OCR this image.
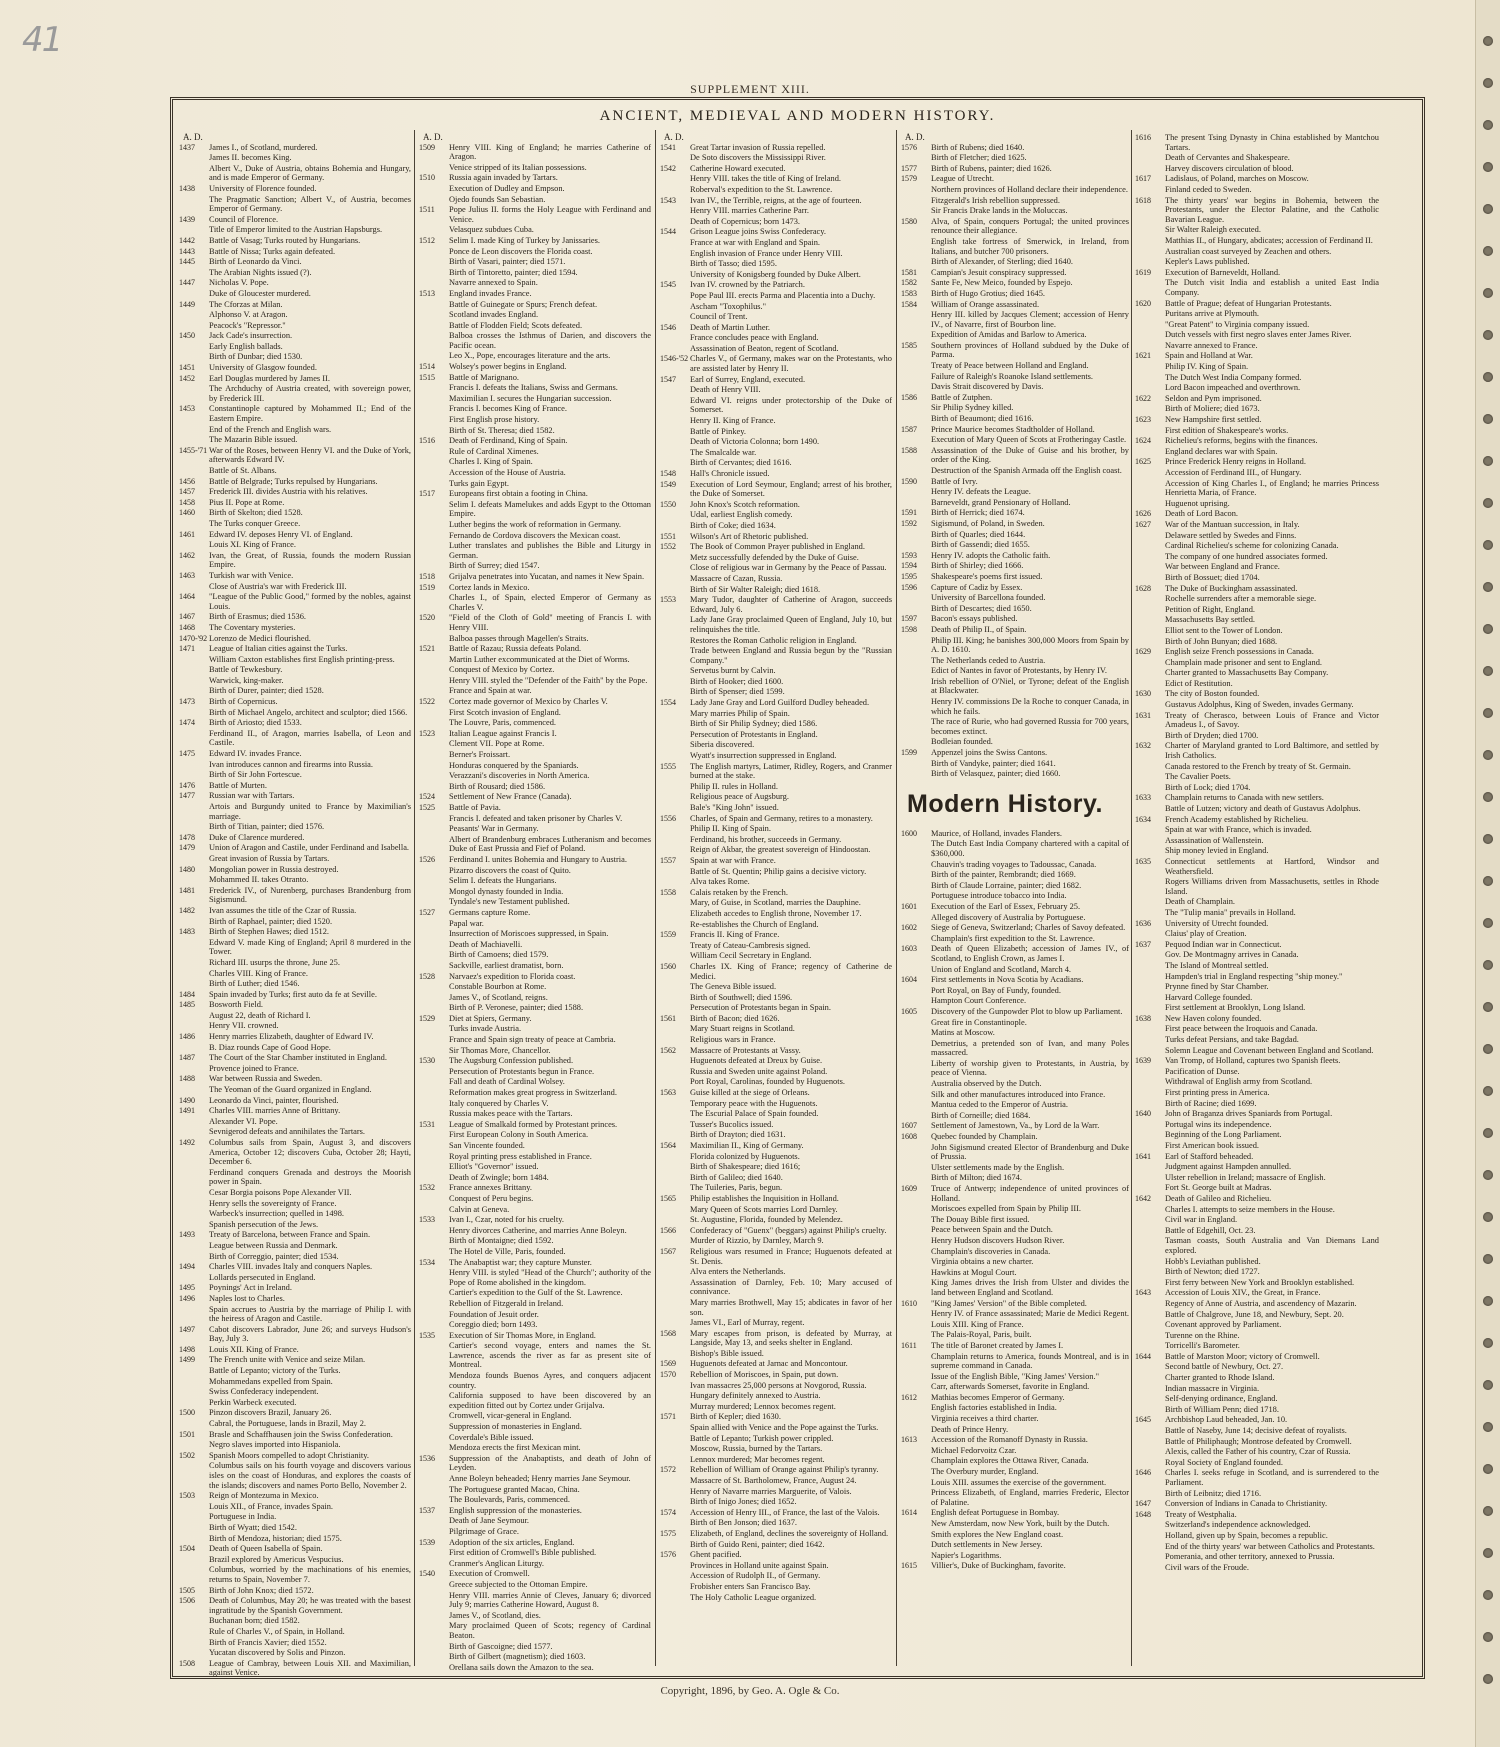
41
SUPPLEMENT XIII.
ANCIENT, MEDIEVAL AND MODERN HISTORY.
A. D.
1437	James I., of Scotland, murdered.
James II. becomes King.
Albert V., Duke of Austria, obtains Bohemia and Hungary, and is made Emperor of Germany.
1438	University of Florence founded.
The Pragmatic Sanction; Albert V., of Austria, becomes Emperor of Germany.
1439	Council of Florence.
Title of Emperor limited to the Austrian Hapsburgs.
1442	Battle of Vasag; Turks routed by Hungarians.
1443	Battle of Nissa; Turks again defeated.
1445	Birth of Leonardo da Vinci.
The Arabian Nights issued (?).
1447	Nicholas V. Pope.
Duke of Gloucester murdered.
1449	The Cforzas at Milan.
Alphonso V. at Aragon.
Peacock's "Repressor."
1450	Jack Cade's insurrection.
Early English ballads.
Birth of Dunbar; died 1530.
1451	University of Glasgow founded.
1452	Earl Douglas murdered by James II.
The Archduchy of Austria created, with sovereign power, by Frederick III.
1453	Constantinople captured by Mohammed II.; End of the Eastern Empire.
End of the French and English wars.
The Mazarin Bible issued.
1455-'71 War of the Roses, between Henry VI. and the Duke of York, afterwards Edward IV.
Battle of St. Albans.
1456	Battle of Belgrade; Turks repulsed by Hungarians.
1457	Frederick III. divides Austria with his relatives.
1458	Pius II. Pope at Rome.
1460	Birth of Skelton; died 1528.
The Turks conquer Greece.
1461	Edward IV. deposes Henry VI. of England.
Louis XI. King of France.
1462	Ivan, the Great, of Russia, founds the modern Russian Empire.
1463	Turkish war with Venice.
Close of Austria's war with Frederick III.
1464	"League of the Public Good," formed by the nobles, against Louis.
1467	Birth of Erasmus; died 1536.
1468	The Coventary mysteries.
1470-'92 Lorenzo de Medici flourished.
1471	League of Italian cities against the Turks.
William Caxton establishes first English printing-press.
Battle of Tewkesbury.
Warwick, king-maker.
Birth of Durer, painter; died 1528.
1473	Birth of Copernicus.
Birth of Michael Angelo, architect and sculptor; died 1566.
1474	Birth of Ariosto; died 1533.
Ferdinand II., of Aragon, marries Isabella, of Leon and Castile.
1475	Edward IV. invades France.
Ivan introduces cannon and firearms into Russia.
Birth of Sir John Fortescue.
1476	Battle of Murten.
1477	Russian war with Tartars.
Artois and Burgundy united to France by Maximilian's marriage.
Birth of Titian, painter; died 1576.
1478	Duke of Clarence murdered.
1479	Union of Aragon and Castile, under Ferdinand and Isabella.
Great invasion of Russia by Tartars.
1480	Mongolian power in Russia destroyed.
Mohammed II. takes Otranto.
1481	Frederick IV., of Nurenberg, purchases Brandenburg from Sigismund.
1482	Ivan assumes the title of the Czar of Russia.
Birth of Raphael, painter; died 1520.
1483	Birth of Stephen Hawes; died 1512.
Edward V. made King of England; April 8 murdered in the Tower.
Richard III. usurps the throne, June 25.
Charles VIII. King of France.
Birth of Luther; died 1546.
1484	Spain invaded by Turks; first auto da fe at Seville.
1485	Bosworth Field.
August 22, death of Richard I.
Henry VII. crowned.
1486	Henry marries Elizabeth, daughter of Edward IV.
B. Diaz rounds Cape of Good Hope.
1487	The Court of the Star Chamber instituted in England.
Provence joined to France.
1488	War between Russia and Sweden.
The Yeoman of the Guard organized in England.
1490	Leonardo da Vinci, painter, flourished.
1491	Charles VIII. marries Anne of Brittany.
Alexander VI. Pope.
Sevnigerod defeats and annihilates the Tartars.
1492	Columbus sails from Spain, August 3, and discovers America, October 12; discovers Cuba, October 28; Hayti, December 6.
Ferdinand conquers Grenada and destroys the Moorish power in Spain.
Cesar Borgia poisons Pope Alexander VII.
Henry sells the sovereignty of France.
Warbeck's insurrection; quelled in 1498.
Spanish persecution of the Jews.
1493	Treaty of Barcelona, between France and Spain.
League between Russia and Denmark.
Birth of Correggio, painter; died 1534.
1494	Charles VIII. invades Italy and conquers Naples.
Lollards persecuted in England.
1495	Poynings' Act in Ireland.
1496	Naples lost to Charles.
Spain accrues to Austria by the marriage of Philip I. with the heiress of Aragon and Castile.
1497	Cabot discovers Labrador, June 26; and surveys Hudson's Bay, July 3.
1498	Louis XII. King of France.
1499	The French unite with Venice and seize Milan.
Battle of Lepanto; victory of the Turks.
Mohammedans expelled from Spain.
Swiss Confederacy independent.
Perkin Warbeck executed.
1500	Pinzon discovers Brazil, January 26.
Cabral, the Portuguese, lands in Brazil, May 2.
1501	Brasle and Schaffhausen join the Swiss Confederation.
Negro slaves imported into Hispaniola.
1502	Spanish Moors compelled to adopt Christianity.
Columbus sails on his fourth voyage and discovers various isles on the coast of Honduras, and explores the coasts of the islands; discovers and names Porto Bello, November 2.
1503	Reign of Montezuma in Mexico.
Louis XII., of France, invades Spain.
Portuguese in India.
Birth of Wyatt; died 1542.
Birth of Mendoza, historian; died 1575.
1504	Death of Queen Isabella of Spain.
Brazil explored by Americus Vespucius.
Columbus, worried by the machinations of his enemies, returns to Spain, November 7.
1505	Birth of John Knox; died 1572.
1506	Death of Columbus, May 20; he was treated with the basest ingratitude by the Spanish Government.
Buchanan born; died 1582.
Rule of Charles V., of Spain, in Holland.
Birth of Francis Xavier; died 1552.
Yucatan discovered by Solis and Pinzon.
1508	League of Cambray, between Louis XII. and Maximilian, against Venice.
A. D.
1509	Henry VIII. King of England; he marries Catherine of Aragon.
Venice stripped of its Italian possessions.
1510	Russia again invaded by Tartars.
Execution of Dudley and Empson.
Ojedo founds San Sebastian.
1511	Pope Julius II. forms the Holy League with Ferdinand and Venice.
Velasquez subdues Cuba.
1512	Selim I. made King of Turkey by Janissaries.
Ponce de Leon discovers the Florida coast.
Birth of Vasari, painter; died 1571.
Birth of Tintoretto, painter; died 1594.
Navarre annexed to Spain.
1513	England invades France.
Battle of Guinegate or Spurs; French defeat.
Scotland invades England.
Battle of Flodden Field; Scots defeated.
Balboa crosses the Isthmus of Darien, and discovers the Pacific ocean.
Leo X., Pope, encourages literature and the arts.
1514	Wolsey's power begins in England.
1515	Battle of Marignano.
Francis I. defeats the Italians, Swiss and Germans.
Maximilian I. secures the Hungarian succession.
Francis I. becomes King of France.
First English prose history.
Birth of St. Theresa; died 1582.
1516	Death of Ferdinand, King of Spain.
Rule of Cardinal Ximenes.
Charles I. King of Spain.
Accession of the House of Austria.
Turks gain Egypt.
1517	Europeans first obtain a footing in China.
Selim I. defeats Mamelukes and adds Egypt to the Ottoman Empire.
Luther begins the work of reformation in Germany.
Fernando de Cordova discovers the Mexican coast.
Luther translates and publishes the Bible and Liturgy in German.
Birth of Surrey; died 1547.
1518	Grijalva penetrates into Yucatan, and names it New Spain.
1519	Cortez lands in Mexico.
Charles I., of Spain, elected Emperor of Germany as Charles V.
1520	"Field of the Cloth of Gold" meeting of Francis I. with Henry VIII.
Balboa passes through Magellen's Straits.
1521	Battle of Razau; Russia defeats Poland.
Martin Luther excommunicated at the Diet of Worms.
Conquest of Mexico by Cortez.
Henry VIII. styled the "Defender of the Faith" by the Pope.
France and Spain at war.
1522	Cortez made governor of Mexico by Charles V.
First Scotch invasion of England.
The Louvre, Paris, commenced.
1523	Italian League against Francis I.
Clement VII. Pope at Rome.
Berner's Froissart.
Honduras conquered by the Spaniards.
Verazzani's discoveries in North America.
Birth of Rousard; died 1586.
1524	Settlement of New France (Canada).
1525	Battle of Pavia.
Francis I. defeated and taken prisoner by Charles V.
Peasants' War in Germany.
Albert of Brandenburg embraces Lutheranism and becomes Duke of East Prussia and Fief of Poland.
1526	Ferdinand I. unites Bohemia and Hungary to Austria.
Pizarro discovers the coast of Quito.
Selim I. defeats the Hungarians.
Mongol dynasty founded in India.
Tyndale's new Testament published.
1527	Germans capture Rome.
Papal war.
Insurrection of Moriscoes suppressed, in Spain.
Death of Machiavelli.
Birth of Camoens; died 1579.
Sackville, earliest dramatist, born.
1528	Narvaez's expedition to Florida coast.
Constable Bourbon at Rome.
James V., of Scotland, reigns.
Birth of P. Veronese, painter; died 1588.
1529	Diet at Spiers, Germany.
Turks invade Austria.
France and Spain sign treaty of peace at Cambria.
Sir Thomas More, Chancellor.
1530	The Augsburg Confession published.
Persecution of Protestants begun in France.
Fall and death of Cardinal Wolsey.
Reformation makes great progress in Switzerland.
Italy conquered by Charles V.
Russia makes peace with the Tartars.
1531	League of Smalkald formed by Protestant princes.
First European Colony in South America.
San Vincente founded.
Royal printing press established in France.
Elliot's "Governor" issued.
Death of Zwingle; born 1484.
1532	France annexes Brittany.
Conquest of Peru begins.
Calvin at Geneva.
1533	Ivan I., Czar, noted for his cruelty.
Henry divorces Catherine, and marries Anne Boleyn.
Birth of Montaigne; died 1592.
The Hotel de Ville, Paris, founded.
1534	The Anabaptist war; they capture Munster.
Henry VIII. is styled "Head of the Church"; authority of the Pope of Rome abolished in the kingdom.
Cartier's expedition to the Gulf of the St. Lawrence.
Rebellion of Fitzgerald in Ireland.
Foundation of Jesuit order.
Coreggio died; born 1493.
1535	Execution of Sir Thomas More, in England.
Cartier's second voyage, enters and names the St. Lawrence, ascends the river as far as present site of Montreal.
Mendoza founds Buenos Ayres, and conquers adjacent country.
California supposed to have been discovered by an expedition fitted out by Cortez under Grijalva.
Cromwell, vicar-general in England.
Suppression of monasteries in England.
Coverdale's Bible issued.
Mendoza erects the first Mexican mint.
1536	Suppression of the Anabaptists, and death of John of Leyden.
Anne Boleyn beheaded; Henry marries Jane Seymour.
The Portuguese granted Macao, China.
The Boulevards, Paris, commenced.
1537	English suppression of the monasteries.
Death of Jane Seymour.
Pilgrimage of Grace.
1539	Adoption of the six articles, England.
First edition of Cromwell's Bible published.
Cranmer's Anglican Liturgy.
1540	Execution of Cromwell.
Greece subjected to the Ottoman Empire.
Henry VIII. marries Annie of Cleves, January 6; divorced July 9; marries Catherine Howard, August 8.
James V., of Scotland, dies.
Mary proclaimed Queen of Scots; regency of Cardinal Beaton.
Birth of Gascoigne; died 1577.
Birth of Gilbert (magnetism); died 1603.
Orellana sails down the Amazon to the sea.
A. D.
1541	Great Tartar invasion of Russia repelled.
De Soto discovers the Mississippi River.
1542	Catherine Howard executed.
Henry VIII. takes the title of King of Ireland.
Roberval's expedition to the St. Lawrence.
1543	Ivan IV., the Terrible, reigns, at the age of fourteen.
Henry VIII. marries Catherine Parr.
Death of Copernicus; born 1473.
1544	Grison League joins Swiss Confederacy.
France at war with England and Spain.
English invasion of France under Henry VIII.
Birth of Tasso; died 1595.
University of Konigsberg founded by Duke Albert.
1545	Ivan IV. crowned by the Patriarch.
Pope Paul III. erects Parma and Placentia into a Duchy.
Ascham "Toxophilus."
Council of Trent.
1546	Death of Martin Luther.
France concludes peace with England.
Assassination of Beaton, regent of Scotland.
1546-'52 Charles V., of Germany, makes war on the Protestants, who are assisted later by Henry II.
1547	Earl of Surrey, England, executed.
Death of Henry VIII.
Edward VI. reigns under protectorship of the Duke of Somerset.
Henry II. King of France.
Battle of Pinkey.
Death of Victoria Colonna; born 1490.
The Smalcalde war.
Birth of Cervantes; died 1616.
1548	Hall's Chronicle issued.
1549	Execution of Lord Seymour, England; arrest of his brother, the Duke of Somerset.
1550	John Knox's Scotch reformation.
Udal, earliest English comedy.
Birth of Coke; died 1634.
1551	Wilson's Art of Rhetoric published.
1552	The Book of Common Prayer published in England.
Metz successfully defended by the Duke of Guise.
Close of religious war in Germany by the Peace of Passau.
Massacre of Cazan, Russia.
Birth of Sir Walter Raleigh; died 1618.
1553	Mary Tudor, daughter of Catherine of Aragon, succeeds Edward, July 6.
Lady Jane Gray proclaimed Queen of England, July 10, but relinquishes the title.
Restores the Roman Catholic religion in England.
Trade between England and Russia begun by the "Russian Company."
Servetus burnt by Calvin.
Birth of Hooker; died 1600.
Birth of Spenser; died 1599.
1554	Lady Jane Gray and Lord Guilford Dudley beheaded.
Mary marries Philip of Spain.
Birth of Sir Philip Sydney; died 1586.
Persecution of Protestants in England.
Siberia discovered.
Wyatt's insurrection suppressed in England.
1555	The English martyrs, Latimer, Ridley, Rogers, and Cranmer burned at the stake.
Philip II. rules in Holland.
Religious peace of Augsburg.
Bale's "King John" issued.
1556	Charles, of Spain and Germany, retires to a monastery.
Philip II. King of Spain.
Ferdinand, his brother, succeeds in Germany.
Reign of Akbar, the greatest sovereign of Hindoostan.
1557	Spain at war with France.
Battle of St. Quentin; Philip gains a decisive victory.
Alva takes Rome.
1558	Calais retaken by the French.
Mary, of Guise, in Scotland, marries the Dauphine.
Elizabeth accedes to English throne, November 17.
Re-establishes the Church of England.
1559	Francis II. King of France.
Treaty of Cateau-Cambresis signed.
William Cecil Secretary in England.
1560	Charles IX. King of France; regency of Catherine de Medici.
The Geneva Bible issued.
Birth of Southwell; died 1596.
Persecution of Protestants began in Spain.
1561	Birth of Bacon; died 1626.
Mary Stuart reigns in Scotland.
Religious wars in France.
1562	Massacre of Protestants at Vassy.
Huguenots defeated at Dreux by Guise.
Russia and Sweden unite against Poland.
Port Royal, Carolinas, founded by Huguenots.
1563	Guise killed at the siege of Orleans.
Temporary peace with the Huguenots.
The Escurial Palace of Spain founded.
Tusser's Bucolics issued.
Birth of Drayton; died 1631.
1564	Maximilian II., King of Germany.
Florida colonized by Huguenots.
Birth of Shakespeare; died 1616;
Birth of Galileo; died 1640.
The Tuileries, Paris, begun.
1565	Philip establishes the Inquisition in Holland.
Mary Queen of Scots marries Lord Darnley.
St. Augustine, Florida, founded by Melendez.
1566	Confederacy of "Guenx" (beggars) against Philip's cruelty.
Murder of Rizzio, by Darnley, March 9.
1567	Religious wars resumed in France; Huguenots defeated at St. Denis.
Alva enters the Netherlands.
Assassination of Darnley, Feb. 10; Mary accused of connivance.
Mary marries Brothwell, May 15; abdicates in favor of her son.
James VI., Earl of Murray, regent.
1568	Mary escapes from prison, is defeated by Murray, at Langside, May 13, and seeks shelter in England.
Bishop's Bible issued.
1569	Huguenots defeated at Jarnac and Moncontour.
1570	Rebellion of Moriscoes, in Spain, put down.
Ivan massacres 25,000 persons at Novgorod, Russia.
Hungary definitely annexed to Austria.
Murray murdered; Lennox becomes regent.
1571	Birth of Kepler; died 1630.
Spain allied with Venice and the Pope against the Turks.
Battle of Lepanto; Turkish power crippled.
Moscow, Russia, burned by the Tartars.
Lennox murdered; Mar becomes regent.
1572	Rebellion of William of Orange against Philip's tyranny.
Massacre of St. Bartholomew, France, August 24.
Henry of Navarre marries Marguerite, of Valois.
Birth of Inigo Jones; died 1652.
1574	Accession of Henry III., of France, the last of the Valois.
Birth of Ben Jonson; died 1637.
1575	Elizabeth, of England, declines the sovereignty of Holland.
Birth of Guido Reni, painter; died 1642.
1576	Ghent pacified.
Provinces in Holland unite against Spain.
Accession of Rudolph II., of Germany.
Frobisher enters San Francisco Bay.
The Holy Catholic League organized.
A. D.
1576	Birth of Rubens; died 1640.
Birth of Fletcher; died 1625.
1577	Birth of Rubens, painter; died 1626.
1579	League of Utrecht.
Northern provinces of Holland declare their independence.
Fitzgerald's Irish rebellion suppressed.
Sir Francis Drake lands in the Moluccas.
1580	Alva, of Spain, conquers Portugal; the united provinces renounce their allegiance.
English take fortress of Smerwick, in Ireland, from Italians, and butcher 700 prisoners.
Birth of Alexander, of Sterling; died 1640.
1581	Campian's Jesuit conspiracy suppressed.
1582	Sante Fe, New Meico, founded by Espejo.
1583	Birth of Hugo Grotius; died 1645.
1584	William of Orange assassinated.
Henry III. killed by Jacques Clement; accession of Henry IV., of Navarre, first of Bourbon line.
Expedition of Amidas and Barlow to America.
1585	Southern provinces of Holland subdued by the Duke of Parma.
Treaty of Peace between Holland and England.
Failure of Raleigh's Roanoke Island settlements.
Davis Strait discovered by Davis.
1586	Battle of Zutphen.
Sir Philip Sydney killed.
Birth of Beaumont; died 1616.
1587	Prince Maurice becomes Stadtholder of Holland.
Execution of Mary Queen of Scots at Frotheringay Castle.
1588	Assassination of the Duke of Guise and his brother, by order of the King.
Destruction of the Spanish Armada off the English coast.
1590	Battle of Ivry.
Henry IV. defeats the League.
Barneveldt, grand Pensionary of Holland.
1591	Birth of Herrick; died 1674.
1592	Sigismund, of Poland, in Sweden.
Birth of Quarles; died 1644.
Birth of Gassendi; died 1655.
1593	Henry IV. adopts the Catholic faith.
1594	Birth of Shirley; died 1666.
1595	Shakespeare's poems first issued.
1596	Capture of Cadiz by Essex.
University of Barcellona founded.
Birth of Descartes; died 1650.
1597	Bacon's essays published.
1598	Death of Philip II., of Spain.
Philip III. King; he banishes 300,000 Moors from Spain by A. D. 1610.
The Netherlands ceded to Austria.
Edict of Nantes in favor of Protestants, by Henry IV.
Irish rebellion of O'Niel, or Tyrone; defeat of the English at Blackwater.
Henry IV. commissions De la Roche to conquer Canada, in which he fails.
The race of Rurie, who had governed Russia for 700 years, becomes extinct.
Bodleian founded.
1599	Appenzel joins the Swiss Cantons.
Birth of Vandyke, painter; died 1641.
Birth of Velasquez, painter; died 1660.
Modern History.
1600	Maurice, of Holland, invades Flanders.
The Dutch East India Company chartered with a capital of $360,000.
Chauvin's trading voyages to Tadoussac, Canada.
Birth of the painter, Rembrandt; died 1669.
Birth of Claude Lorraine, painter; died 1682.
Portuguese introduce tobacco into India.
1601	Execution of the Earl of Essex, February 25.
Alleged discovery of Australia by Portuguese.
1602	Siege of Geneva, Switzerland; Charles of Savoy defeated.
Champlain's first expedition to the St. Lawrence.
1603	Death of Queen Elizabeth; accession of James IV., of Scotland, to English Crown, as James I.
Union of England and Scotland, March 4.
1604	First settlements in Nova Scotia by Acadians.
Port Royal, on Bay of Fundy, founded.
Hampton Court Conference.
1605	Discovery of the Gunpowder Plot to blow up Parliament.
Great fire in Constantinople.
Matins at Moscow.
Demetrius, a pretended son of Ivan, and many Poles massacred.
Liberty of worship given to Protestants, in Austria, by peace of Vienna.
Australia observed by the Dutch.
Silk and other manufactures introduced into France.
Mantua ceded to the Emperor of Austria.
Birth of Corneille; died 1684.
1607	Settlement of Jamestown, Va., by Lord de la Warr.
1608	Quebec founded by Champlain.
John Sigismund created Elector of Brandenburg and Duke of Prussia.
Ulster settlements made by the English.
Birth of Milton; died 1674.
1609	Truce of Antwerp; independence of united provinces of Holland.
Moriscoes expelled from Spain by Philip III.
The Douay Bible first issued.
Peace between Spain and the Dutch.
Henry Hudson discovers Hudson River.
Champlain's discoveries in Canada.
Virginia obtains a new charter.
Hawkins at Mogul Court.
King James drives the Irish from Ulster and divides the land between England and Scotland.
1610	"King James' Version" of the Bible completed.
Henry IV. of France assassinated; Marie de Medici Regent.
Louis XIII. King of France.
The Palais-Royal, Paris, built.
1611	The title of Baronet created by James I.
Champlain returns to America, founds Montreal, and is in supreme command in Canada.
Issue of the English Bible, "King James' Version."
Carr, afterwards Somerset, favorite in England.
1612	Mathias becomes Emperor of Germany.
English factories established in India.
Virginia receives a third charter.
Death of Prince Henry.
1613	Accession of the Romanoff Dynasty in Russia.
Michael Fedorvoitz Czar.
Champlain explores the Ottawa River, Canada.
The Overbury murder, England.
Louis XIII. assumes the exercise of the government.
Princess Elizabeth, of England, marries Frederic, Elector of Palatine.
1614	English defeat Portuguese in Bombay.
New Amsterdam, now New York, built by the Dutch.
Smith explores the New England coast.
Dutch settlements in New Jersey.
Napier's Logarithms.
1615	Villier's, Duke of Buckingham, favorite.
1616	The present Tsing Dynasty in China established by Mantchou Tartars.
Death of Cervantes and Shakespeare.
Harvey discovers circulation of blood.
1617	Ladislaus, of Poland, marches on Moscow.
Finland ceded to Sweden.
1618	The thirty years' war begins in Bohemia, between the Protestants, under the Elector Palatine, and the Catholic Bavarian League.
Sir Walter Raleigh executed.
Matthias II., of Hungary, abdicates; accession of Ferdinand II.
Australian coast surveyed by Zeachen and others.
Kepler's Laws published.
1619	Execution of Barneveldt, Holland.
The Dutch visit India and establish a united East India Company.
1620	Battle of Prague; defeat of Hungarian Protestants.
Puritans arrive at Plymouth.
"Great Patent" to Virginia company issued.
Dutch vessels with first negro slaves enter James River.
Navarre annexed to France.
1621	Spain and Holland at War.
Philip IV. King of Spain.
The Dutch West India Company formed.
Lord Bacon impeached and overthrown.
1622	Seldon and Pym imprisoned.
Birth of Moliere; died 1673.
1623	New Hampshire first settled.
First edition of Shakespeare's works.
1624	Richelieu's reforms, begins with the finances.
England declares war with Spain.
1625	Prince Frederick Henry reigns in Holland.
Accession of Ferdinand III., of Hungary.
Accession of King Charles I., of England; he marries Princess Henrietta Maria, of France.
Huguenot uprising.
1626	Death of Lord Bacon.
1627	War of the Mantuan succession, in Italy.
Delaware settled by Swedes and Finns.
Cardinal Richelieu's scheme for colonizing Canada.
The company of one hundred associates formed.
War between England and France.
Birth of Bossuet; died 1704.
1628	The Duke of Buckingham assassinated.
Rochelle surrenders after a memorable siege.
Petition of Right, England.
Massachusetts Bay settled.
Elliot sent to the Tower of London.
Birth of John Bunyan; died 1688.
1629	English seize French possessions in Canada.
Champlain made prisoner and sent to England.
Charter granted to Massachusetts Bay Company.
Edict of Restitution.
1630	The city of Boston founded.
Gustavus Adolphus, King of Sweden, invades Germany.
1631	Treaty of Cherasco, between Louis of France and Victor Amadeus I., of Savoy.
Birth of Dryden; died 1700.
1632	Charter of Maryland granted to Lord Baltimore, and settled by Irish Catholics.
Canada restored to the French by treaty of St. Germain.
The Cavalier Poets.
Birth of Lock; died 1704.
1633	Champlain returns to Canada with new settlers.
Battle of Lutzen; victory and death of Gustavus Adolphus.
1634	French Academy established by Richelieu.
Spain at war with France, which is invaded.
Assassination of Wallenstein.
Ship money levied in England.
1635	Connecticut settlements at Hartford, Windsor and Weathersfield.
Rogers Williams driven from Massachusetts, settles in Rhode Island.
Death of Champlain.
The "Tulip mania" prevails in Holland.
1636	University of Utrecht founded.
Claius' play of Creation.
1637	Pequod Indian war in Connecticut.
Gov. De Montmagny arrives in Canada.
The Island of Montreal settled.
Hampden's trial in England respecting "ship money."
Prynne fined by Star Chamber.
Harvard College founded.
First settlement at Brooklyn, Long Island.
1638	New Haven colony founded.
First peace between the Iroquois and Canada.
Turks defeat Persians, and take Bagdad.
Solemn League and Covenant between England and Scotland.
1639	Van Tromp, of Holland, captures two Spanish fleets.
Pacification of Dunse.
Withdrawal of English army from Scotland.
First printing press in America.
Birth of Racine; died 1699.
1640	John of Braganza drives Spaniards from Portugal.
Portugal wins its independence.
Beginning of the Long Parliament.
First American book issued.
1641	Earl of Stafford beheaded.
Judgment against Hampden annulled.
Ulster rebellion in Ireland; massacre of English.
Fort St. George built at Madras.
1642	Death of Galileo and Richelieu.
Charles I. attempts to seize members in the House.
Civil war in England.
Battle of Edgehill, Oct. 23.
Tasman coasts, South Australia and Van Diemans Land explored.
Hobb's Leviathan published.
Birth of Newton; died 1727.
First ferry between New York and Brooklyn established.
1643	Accession of Louis XIV., the Great, in France.
Regency of Anne of Austria, and ascendency of Mazarin.
Battle of Chalgrove, June 18, and Newbury, Sept. 20.
Covenant approved by Parliament.
Turenne on the Rhine.
Torricelli's Barometer.
1644	Battle of Marston Moor; victory of Cromwell.
Second battle of Newbury, Oct. 27.
Charter granted to Rhode Island.
Indian massacre in Virginia.
Self-denying ordinance, England.
Birth of William Penn; died 1718.
1645	Archbishop Laud beheaded, Jan. 10.
Battle of Naseby, June 14; decisive defeat of royalists.
Battle of Philiphaugh; Montrose defeated by Cromwell.
Alexis, called the Father of his country, Czar of Russia.
Royal Society of England founded.
1646	Charles I. seeks refuge in Scotland, and is surrendered to the Parliament.
Birth of Leibnitz; died 1716.
1647	Conversion of Indians in Canada to Christianity.
1648	Treaty of Westphalia.
Switzerland's independence acknowledged.
Holland, given up by Spain, becomes a republic.
End of the thirty years' war between Catholics and Protestants.
Pomerania, and other territory, annexed to Prussia.
Civil wars of the Froude.
Copyright, 1896, by Geo. A. Ogle & Co.
